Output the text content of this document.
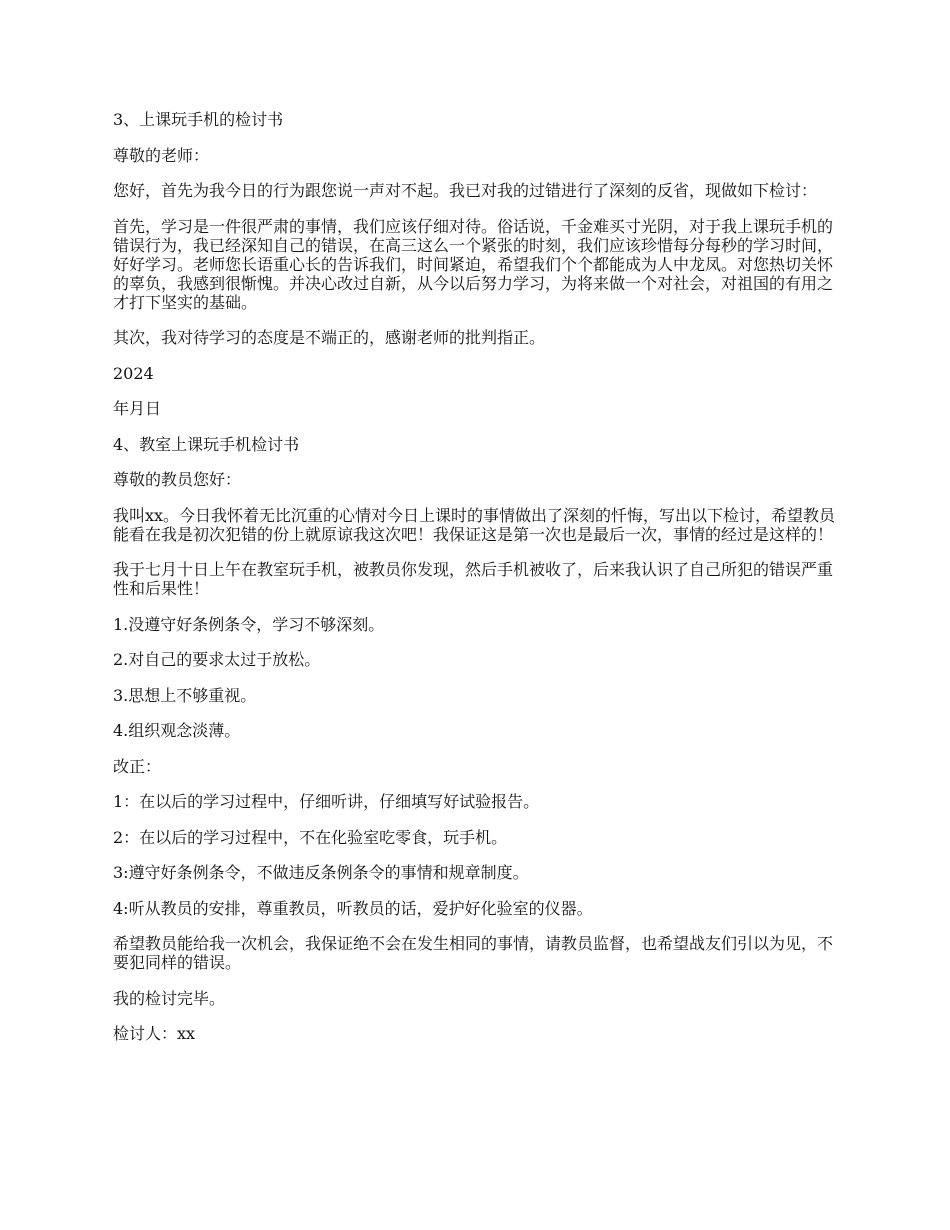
3、上课玩手机的检讨书

尊敬的老师：

您好，首先为我今日的行为跟您说一声对不起。我已对我的过错进行了深刻的反省，现做如下检讨：

首先，学习是一件很严肃的事情，我们应该仔细对待。俗话说，千金难买寸光阴，对于我上课玩手机的错误行为，我已经深知自己的错误，在高三这么一个紧张的时刻，我们应该珍惜每分每秒的学习时间，好好学习。老师您长语重心长的告诉我们，时间紧迫，希望我们个个都能成为人中龙凤。对您热切关怀的辜负，我感到很惭愧。并决心改过自新，从今以后努力学习，为将来做一个对社会，对祖国的有用之才打下坚实的基础。

其次，我对待学习的态度是不端正的，感谢老师的批判指正。

2024

年月日

4、教室上课玩手机检讨书

尊敬的教员您好：

我叫xx。今日我怀着无比沉重的心情对今日上课时的事情做出了深刻的忏悔，写出以下检讨，希望教员能看在我是初次犯错的份上就原谅我这次吧！我保证这是第一次也是最后一次，事情的经过是这样的！

我于七月十日上午在教室玩手机，被教员你发现，然后手机被收了，后来我认识了自己所犯的错误严重性和后果性！

1.没遵守好条例条令，学习不够深刻。

2.对自己的要求太过于放松。

3.思想上不够重视。

4.组织观念淡薄。

改正：

1：在以后的学习过程中，仔细听讲，仔细填写好试验报告。

2：在以后的学习过程中，不在化验室吃零食，玩手机。

3:遵守好条例条令，不做违反条例条令的事情和规章制度。

4:听从教员的安排，尊重教员，听教员的话，爱护好化验室的仪器。

希望教员能给我一次机会，我保证绝不会在发生相同的事情，请教员监督，也希望战友们引以为见，不要犯同样的错误。

我的检讨完毕。

检讨人：xx
